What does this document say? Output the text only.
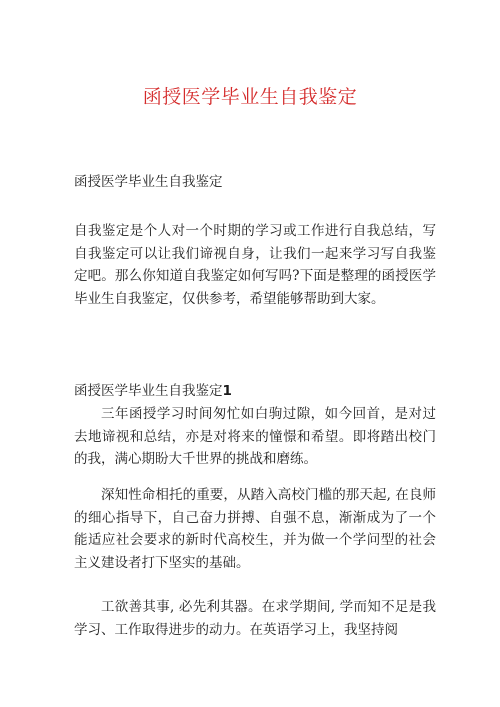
函授医学毕业生自我鉴定
函授医学毕业生自我鉴定

自我鉴定是个人对一个时期的学习或工作进行自我总结，写自我鉴定可以让我们谛视自身，让我们一起来学习写自我鉴定吧。那么你知道自我鉴定如何写吗?下面是整理的函授医学毕业生自我鉴定，仅供参考，希望能够帮助到大家。

函授医学毕业生自我鉴定1

三年函授学习时间匆忙如白驹过隙，如今回首，是对过去地谛视和总结，亦是对将来的憧憬和希望。即将踏出校门的我，满心期盼大千世界的挑战和磨练。

深知性命相托的重要，从踏入高校门槛的那天起, 在良师的细心指导下，自己奋力拼搏、自强不息，渐渐成为了一个能适应社会要求的新时代高校生，并为做一个学问型的社会主义建设者打下坚实的基础。

工欲善其事, 必先利其器。在求学期间, 学而知不足是我学习、工作取得进步的动力。在英语学习上，我坚持阅
